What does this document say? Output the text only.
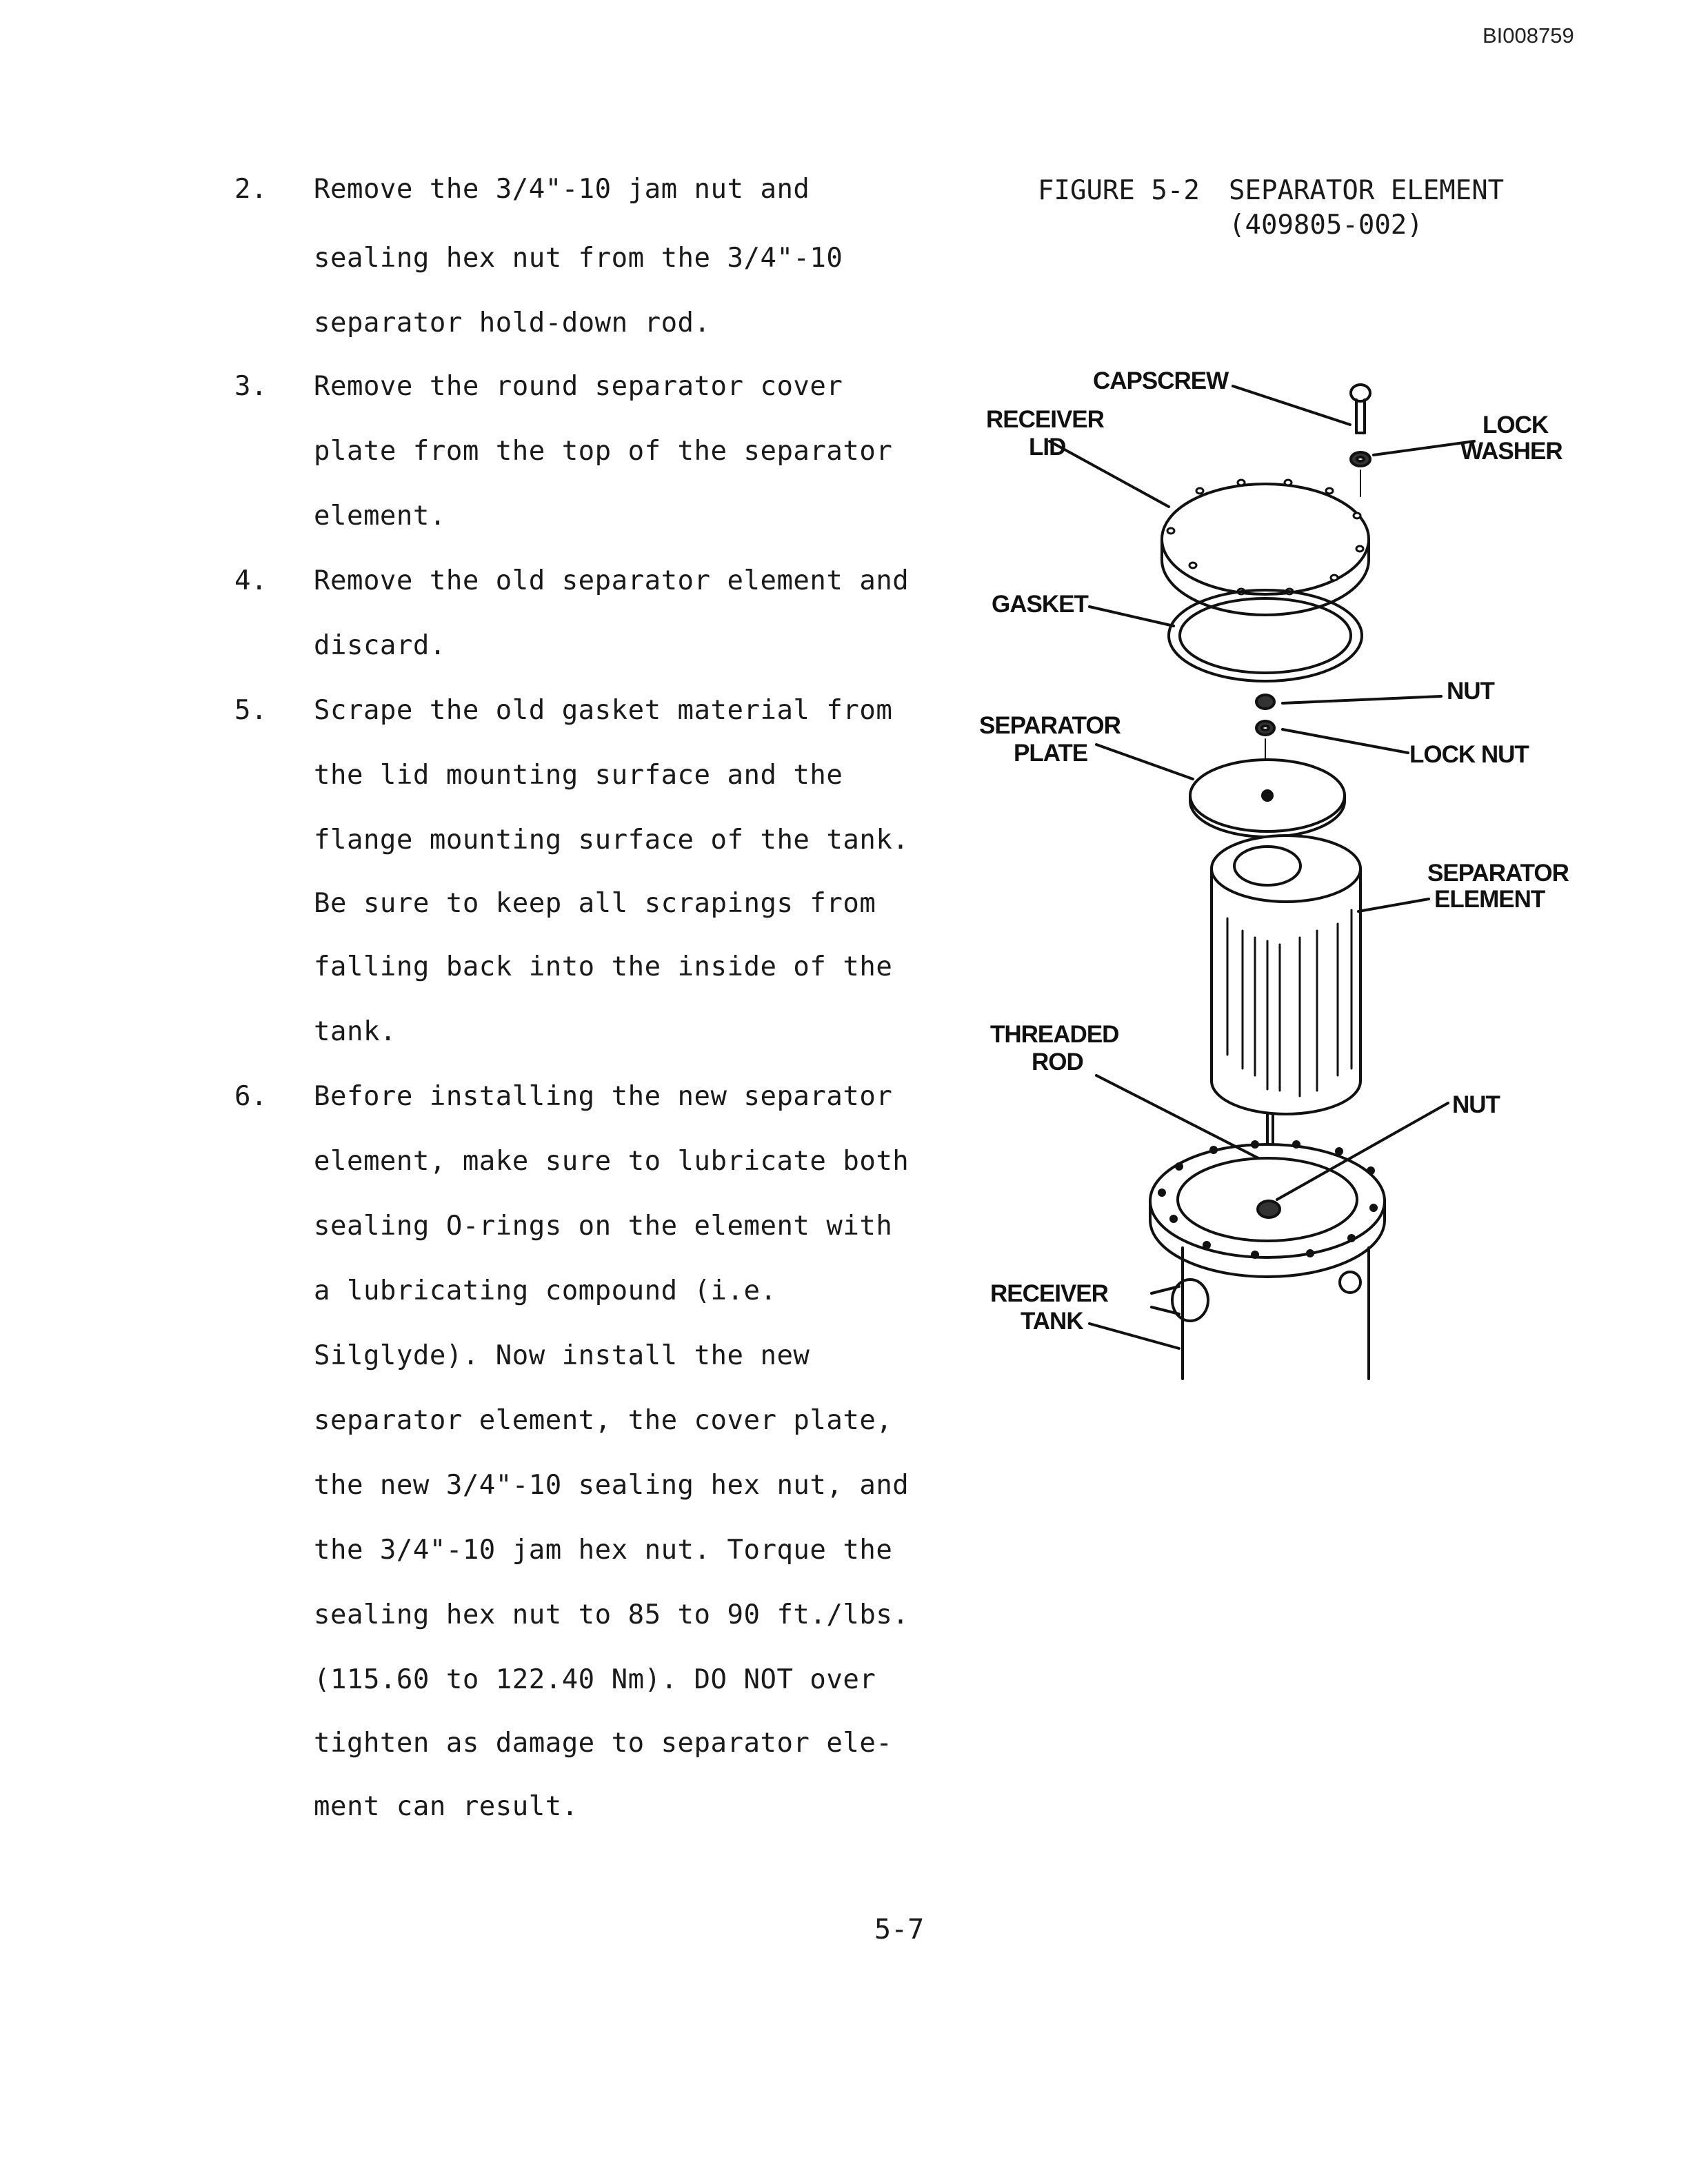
BI008759
2. Remove the 3/4"-10 jam nut and
sealing hex nut from the 3/4"-10
separator hold-down rod.
3. Remove the round separator cover
plate from the top of the separator
element.
4. Remove the old separator element and
discard.
5. Scrape the old gasket material from
the lid mounting surface and the
flange mounting surface of the tank.
Be sure to keep all scrapings from
falling back into the inside of the
tank.
6. Before installing the new separator
element, make sure to lubricate both
sealing O-rings on the element with
a lubricating compound (i.e.
Silglyde). Now install the new
separator element, the cover plate,
the new 3/4"-10 sealing hex nut, and
the 3/4"-10 jam hex nut. Torque the
sealing hex nut to 85 to 90 ft./lbs.
(115.60 to 122.40 Nm). DO NOT over
tighten as damage to separator ele-
ment can result.
FIGURE 5-2 SEPARATOR ELEMENT
(409805-002)
CAPSCREW
RECEIVER
LID
LOCK
WASHER
GASKET
NUT
SEPARATOR
PLATE	LOCK NUT
SEPARATOR
ELEMENT
THREADED
ROD
NUT
RECEIVER
TANK
5-7
